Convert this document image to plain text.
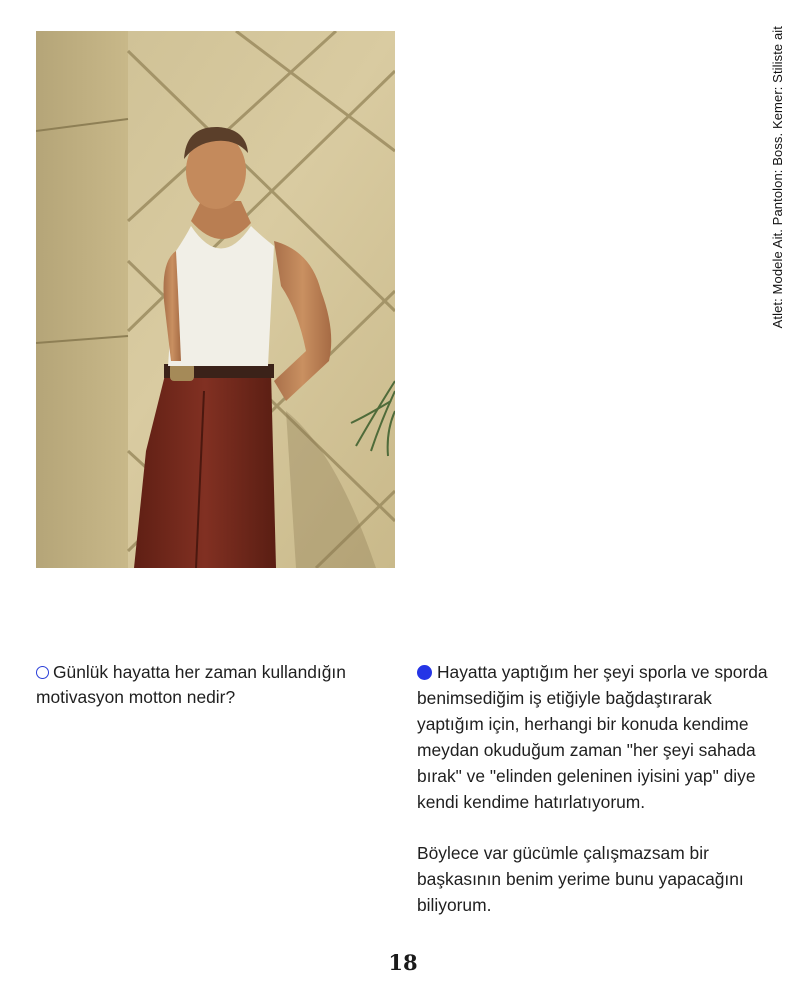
Atlet: Modele Ait. Pantolon: Boss. Kemer: Stiliste ait
Günlük hayatta her zaman kullandığın motivasyon motton nedir?

Hayatta yaptığım her şeyi sporla ve sporda benimsediğim iş etiğiyle bağdaştırarak yaptığım için, herhangi bir konuda kendime meydan okuduğum zaman "her şeyi sahada bırak" ve "elinden geleninen iyisini yap" diye kendi kendime hatırlatıyorum.

Böylece var gücümle çalışmazsam bir başkasının benim yerime bunu yapacağını biliyorum.

18
